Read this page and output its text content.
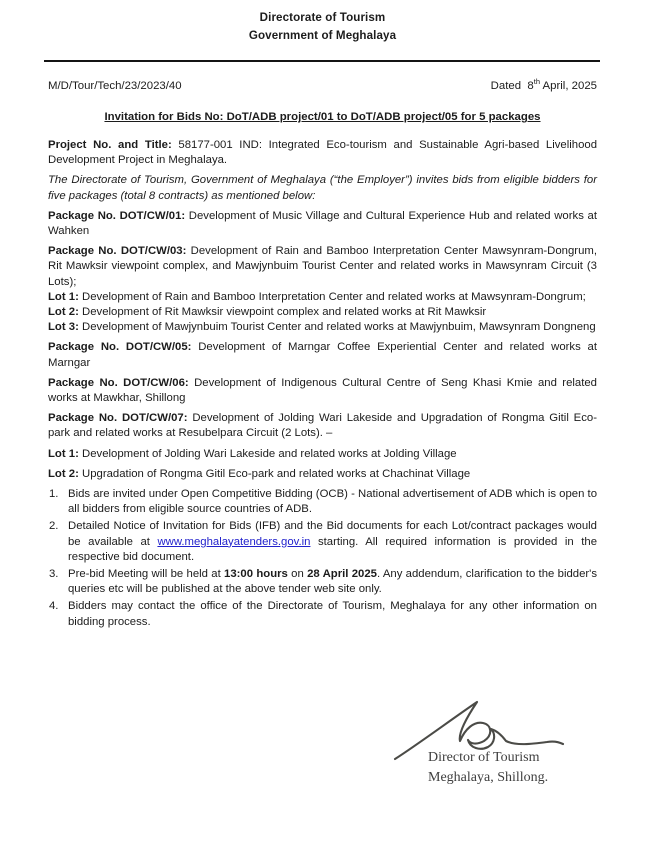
Directorate of Tourism
Government of Meghalaya
M/D/Tour/Tech/23/2023/40	Dated  8th April, 2025
Invitation for Bids No: DoT/ADB project/01 to DoT/ADB project/05 for 5 packages

Project No. and Title: 58177-001 IND: Integrated Eco-tourism and Sustainable Agri-based Livelihood Development Project in Meghalaya.

The Directorate of Tourism, Government of Meghalaya (“the Employer”) invites bids from eligible bidders for five packages (total 8 contracts) as mentioned below:

Package No. DOT/CW/01: Development of Music Village and Cultural Experience Hub and related works at Wahken

Package No. DOT/CW/03: Development of Rain and Bamboo Interpretation Center Mawsynram-Dongrum, Rit Mawksir viewpoint complex, and Mawjynbuim Tourist Center and related works in Mawsynram Circuit (3 Lots);

Lot 1: Development of Rain and Bamboo Interpretation Center and related works at Mawsynram-Dongrum;

Lot 2: Development of Rit Mawksir viewpoint complex and related works at Rit Mawksir

Lot 3: Development of Mawjynbuim Tourist Center and related works at Mawjynbuim, Mawsynram Dongneng

Package No. DOT/CW/05: Development of Marngar Coffee Experiential Center and related works at Marngar

Package No. DOT/CW/06: Development of Indigenous Cultural Centre of Seng Khasi Kmie and related works at Mawkhar, Shillong

Package No. DOT/CW/07: Development of Jolding Wari Lakeside and Upgradation of Rongma Gitil Eco-park and related works at Resubelpara Circuit (2 Lots). –

Lot 1: Development of Jolding Wari Lakeside and related works at Jolding Village

Lot 2: Upgradation of Rongma Gitil Eco-park and related works at Chachinat Village

1. Bids are invited under Open Competitive Bidding (OCB) - National advertisement of ADB which is open to all bidders from eligible source countries of ADB.
2. Detailed Notice of Invitation for Bids (IFB) and the Bid documents for each Lot/contract packages would be available at www.meghalayatenders.gov.in starting. All required information is provided in the respective bid document.
3. Pre-bid Meeting will be held at 13:00 hours on 28 April 2025. Any addendum, clarification to the bidder's queries etc will be published at the above tender web site only.
4. Bidders may contact the office of the Directorate of Tourism, Meghalaya for any other information on bidding process.
Director of Tourism
Meghalaya, Shillong.
